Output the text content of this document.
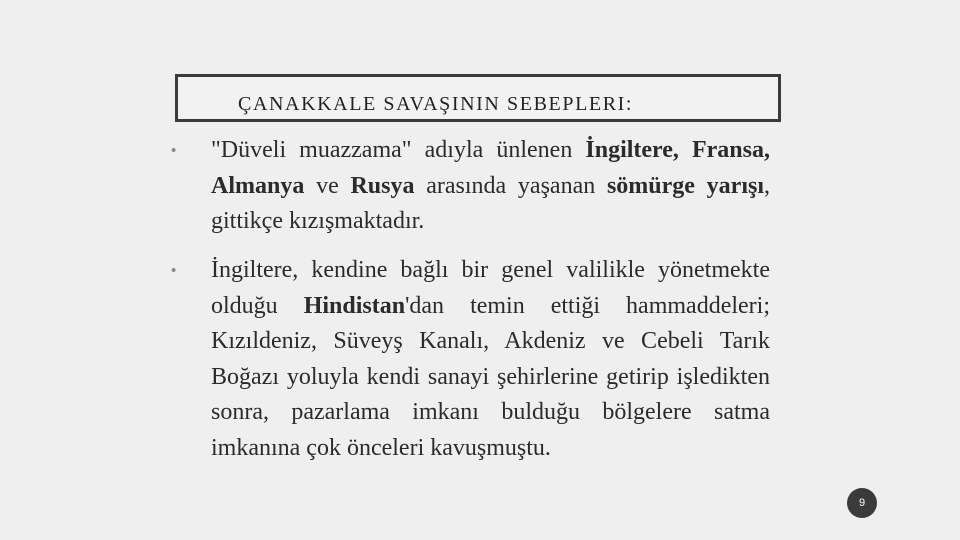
ÇANAKKALE SAVAŞININ SEBEPLERI:
• "Düveli muazzama" adıyla ünlenen İngiltere, Fransa, Almanya ve Rusya arasında yaşanan sömürge yarışı, gittikçe kızışmaktadır.
• İngiltere, kendine bağlı bir genel valilikle yönetmekte olduğu Hindistan'dan temin ettiği hammaddeleri; Kızıldeniz, Süveyş Kanalı, Akdeniz ve Cebeli Tarık Boğazı yoluyla kendi sanayi şehirlerine getirip işledikten sonra, pazarlama imkanı bulduğu bölgelere satma imkanına çok önceleri kavuşmuştu.
9
